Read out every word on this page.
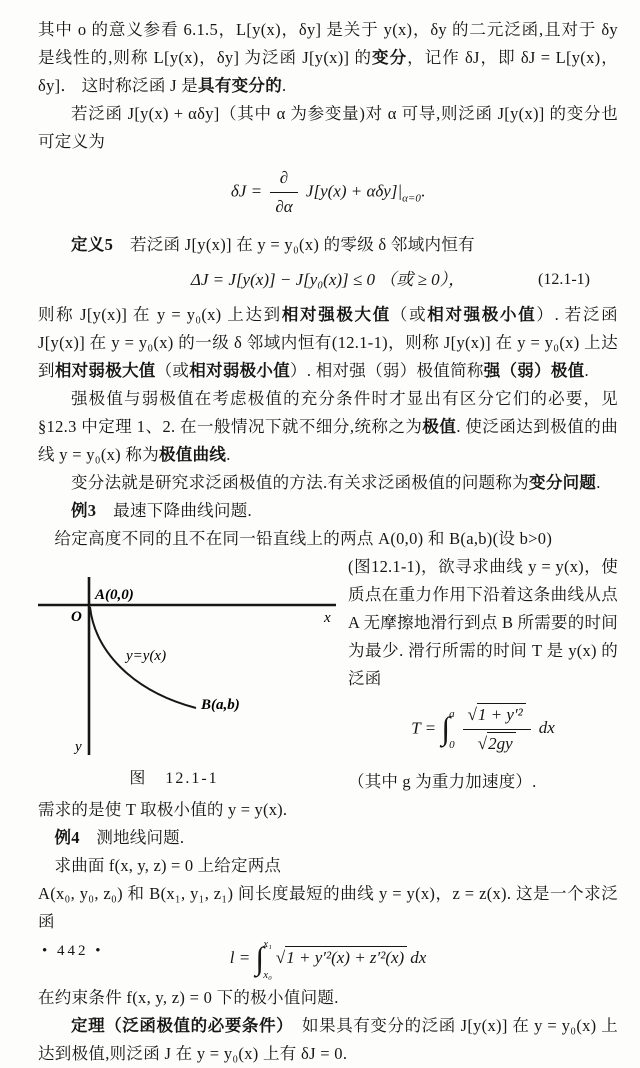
其中 o 的意义参看 6.1.5，L[y(x)，δy] 是关于 y(x)，δy 的二元泛函,且对于 δy 是线性的,则称 L[y(x)，δy] 为泛函 J[y(x)] 的变分，记作 δJ，即 δJ = L[y(x)，δy]． 这时称泛函 J 是具有变分的.

若泛函 J[y(x) + αδy]（其中 α 为参变量)对 α 可导,则泛函 J[y(x)] 的变分也可定义为

$\delta J = \frac{\partial}{\partial\alpha} J[y(x) + \alpha\delta y]|_{\alpha=0}$.

定义5　若泛函 J[y(x)] 在 y = y₀(x) 的零级 δ 邻域内恒有

ΔJ = J[y(x)] − J[y₀(x)] ≤ 0 （或 ≥ 0），	(12.1-1)

则称 J[y(x)] 在 y = y₀(x) 上达到相对强极大值（或相对强极小值）. 若泛函 J[y(x)] 在 y = y₀(x) 的一级 δ 邻域内恒有(12.1-1)，则称 J[y(x)] 在 y = y₀(x) 上达到相对弱极大值（或相对弱极小值）. 相对强（弱）极值简称强（弱）极值.

强极值与弱极值在考虑极值的充分条件时才显出有区分它们的必要，见 §12.3 中定理 1、2. 在一般情况下就不细分,统称之为极值. 使泛函达到极值的曲线 y = y₀(x) 称为极值曲线.

变分法就是研究求泛函极值的方法.有关求泛函极值的问题称为变分问题.

例3　最速下降曲线问题.

给定高度不同的且不在同一铅直线上的两点 A(0,0) 和 B(a,b)(设 b>0)

A(0,0)
O	x
y=y(x)
B(a,b)
y
图　12.1-1

(图12.1-1)，欲寻求曲线 y = y(x)，使质点在重力作用下沿着这条曲线从点 A 无摩擦地滑行到点 B 所需要的时间为最少. 滑行所需的时间 T 是 y(x) 的泛函

T = ∫ a
$0 \frac{\text{√1 + y′²}}{√2gy}$ dx

（其中 g 为重力加速度）.

需求的是使 T 取极小值的 y = y(x).

例4　测地线问题.

求曲面 f(x, y, z) = 0 上给定两点

A(x₀, y₀, z₀) 和 B(x₁, y₁, z₁) 间长度最短的曲线 y = y(x)，z = z(x). 这是一个求泛函

l = ∫ x₁
x₀
√1 + y′²(x) + z′²(x) dx

在约束条件 f(x, y, z) = 0 下的极小值问题.

定理（泛函极值的必要条件）　如果具有变分的泛函 J[y(x)] 在 y = y₀(x) 上达到极值,则泛函 J 在 y = y₀(x) 上有 δJ = 0.

• 442 •
